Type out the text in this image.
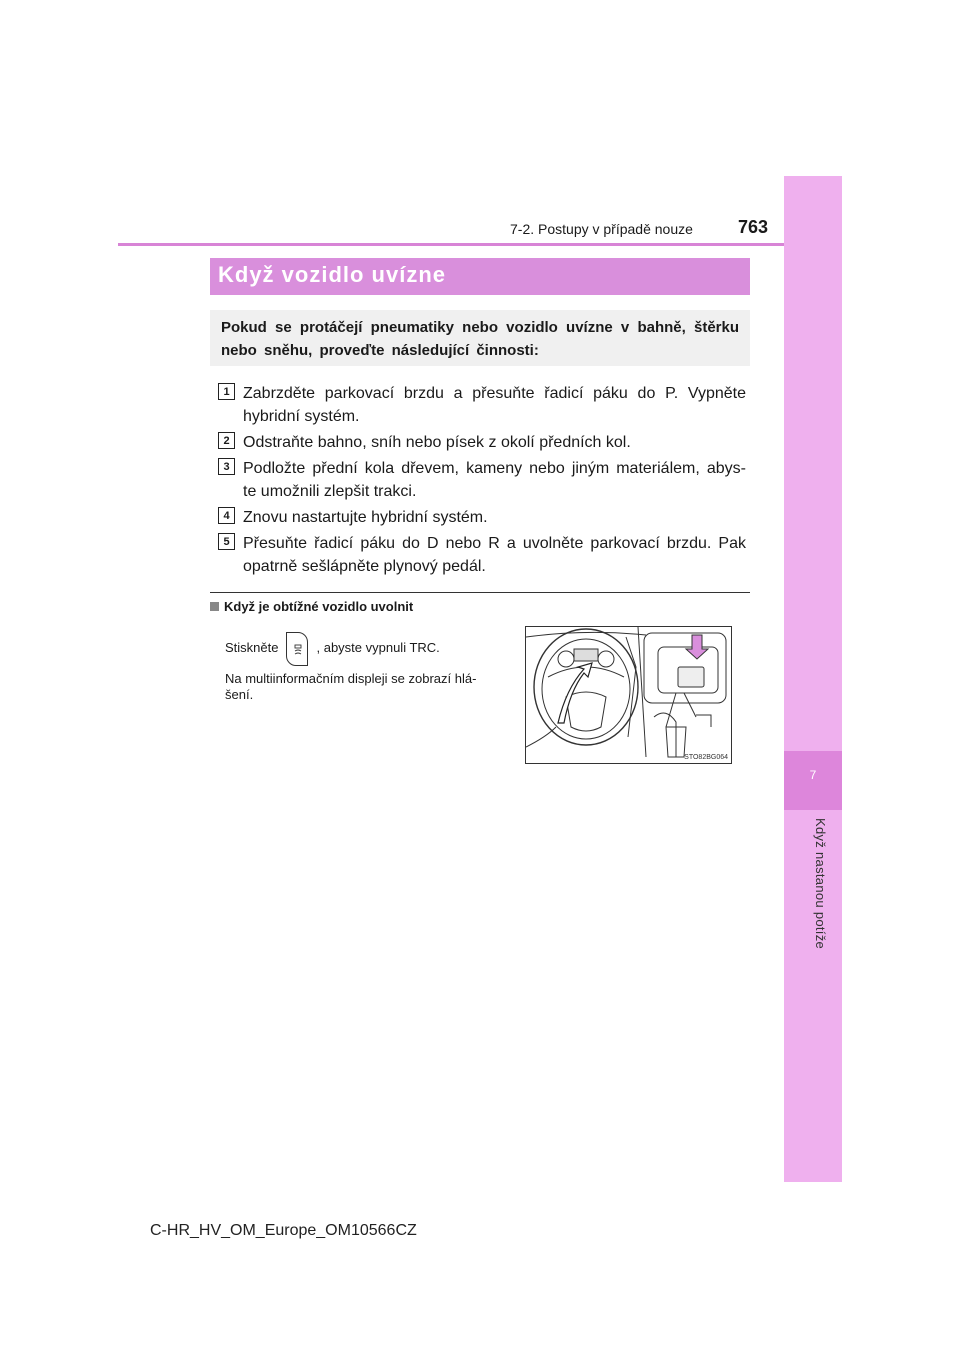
7
Když nastanou potíže
7-2. Postupy v případě nouze	763
Když vozidlo uvízne

Pokud se protáčejí pneumatiky nebo vozidlo uvízne v bahně, štěrku nebo sněhu, proveďte následující činnosti:

1 Zabrzděte parkovací brzdu a přesuňte řadicí páku do P. Vypněte
hybridní systém.
2 Odstraňte bahno, sníh nebo písek z okolí předních kol.
3 Podložte přední kola dřevem, kameny nebo jiným materiálem, abys-
te umožnili zlepšit trakci.
4 Znovu nastartujte hybridní systém.
5 Přesuňte řadicí páku do D nebo R a uvolněte parkovací brzdu. Pak
opatrně sešlápněte plynový pedál.
Když je obtížné vozidlo uvolnit
Stiskněte	, abyste vypnuli TRC.
Na multiinformačním displeji se zobrazí hlá-
šení.
STO82BG064
C-HR_HV_OM_Europe_OM10566CZ
